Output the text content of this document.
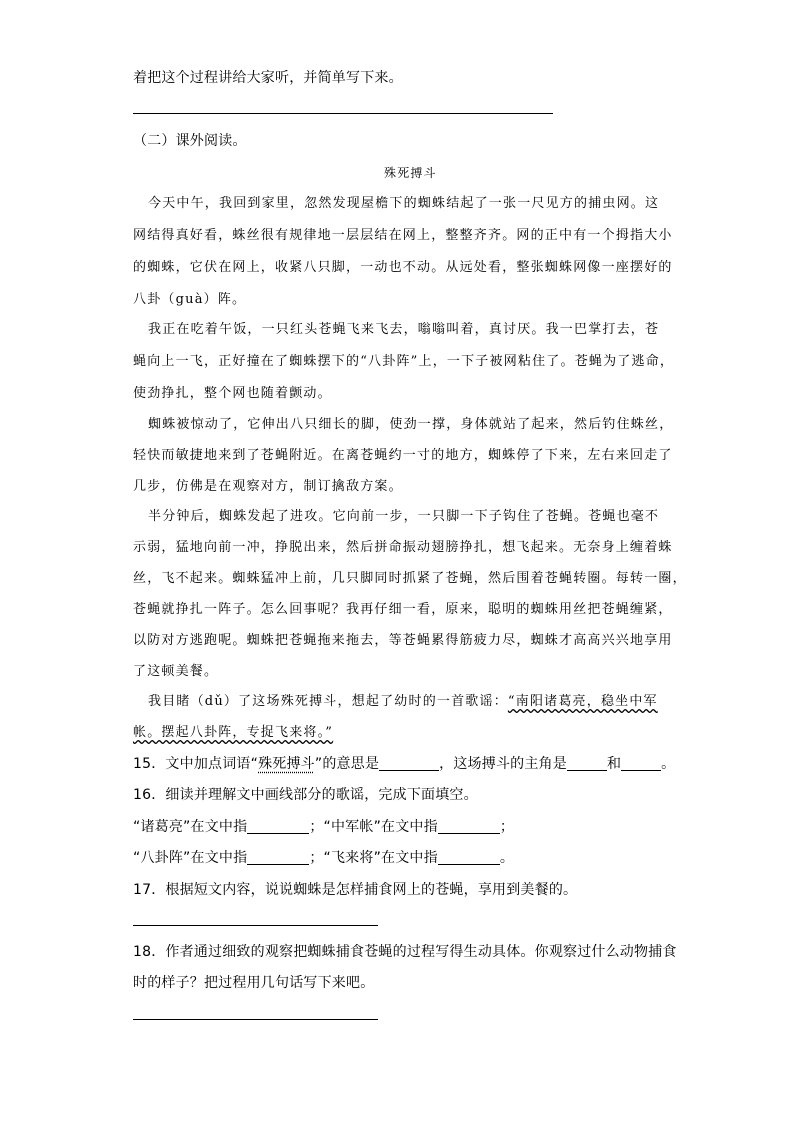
着把这个过程讲给大家听，并简单写下来。
（二）课外阅读。
殊死搏斗
今天中午，我回到家里，忽然发现屋檐下的蜘蛛结起了一张一尺见方的捕虫网。这
网结得真好看，蛛丝很有规律地一层层结在网上，整整齐齐。网的正中有一个拇指大小
的蜘蛛，它伏在网上，收紧八只脚，一动也不动。从远处看，整张蜘蛛网像一座摆好的
八卦（guà）阵。
我正在吃着午饭，一只红头苍蝇飞来飞去，嗡嗡叫着，真讨厌。我一巴掌打去，苍
蝇向上一飞，正好撞在了蜘蛛摆下的“八卦阵”上，一下子被网粘住了。苍蝇为了逃命，
使劲挣扎，整个网也随着颤动。
蜘蛛被惊动了，它伸出八只细长的脚，使劲一撑，身体就站了起来，然后钓住蛛丝，
轻快而敏捷地来到了苍蝇附近。在离苍蝇约一寸的地方，蜘蛛停了下来，左右来回走了
几步，仿佛是在观察对方，制订擒敌方案。
半分钟后，蜘蛛发起了进攻。它向前一步，一只脚一下子钩住了苍蝇。苍蝇也毫不
示弱，猛地向前一冲，挣脱出来，然后拼命振动翅膀挣扎，想飞起来。无奈身上缠着蛛
丝，飞不起来。蜘蛛猛冲上前，几只脚同时抓紧了苍蝇，然后围着苍蝇转圈。每转一圈，
苍蝇就挣扎一阵子。怎么回事呢？我再仔细一看，原来，聪明的蜘蛛用丝把苍蝇缠紧，
以防对方逃跑呢。蜘蛛把苍蝇拖来拖去，等苍蝇累得筋疲力尽，蜘蛛才高高兴兴地享用
了这顿美餐。
我目睹（dǔ）了这场殊死搏斗，想起了幼时的一首歌谣：“南阳诸葛亮，稳坐中军
帐。摆起八卦阵，专捉飞来将。”
15．文中加点词语“殊死搏斗”的意思是	，这场搏斗的主角是	和	。
16．细读并理解文中画线部分的歌谣，完成下面填空。
“诸葛亮”在文中指	；“中军帐”在文中指	；
“八卦阵”在文中指	；“飞来将”在文中指	。
17．根据短文内容，说说蜘蛛是怎样捕食网上的苍蝇，享用到美餐的。
18．作者通过细致的观察把蜘蛛捕食苍蝇的过程写得生动具体。你观察过什么动物捕食
时的样子？把过程用几句话写下来吧。
